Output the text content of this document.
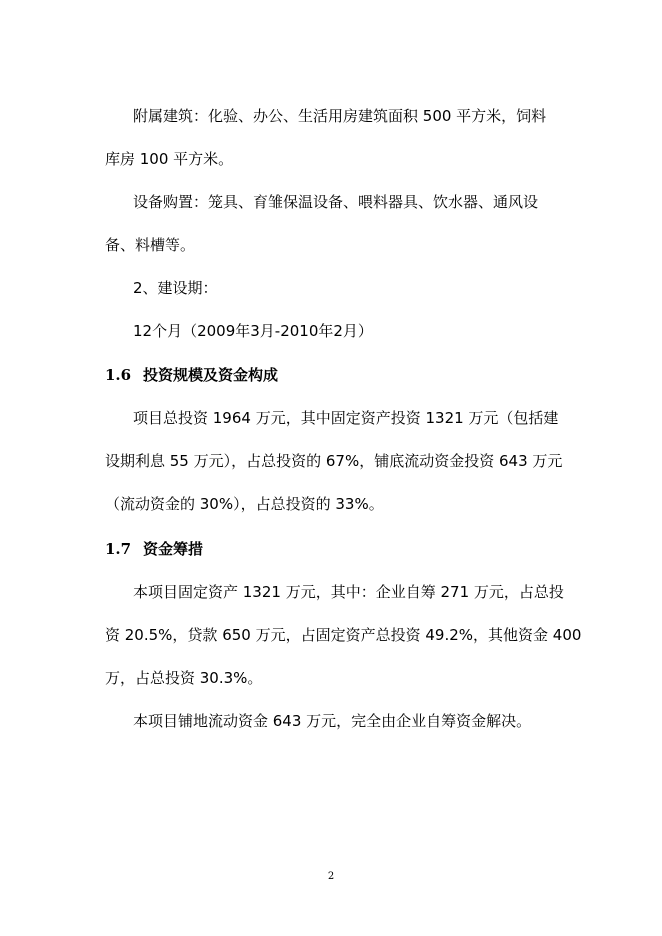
附属建筑：化验、办公、生活用房建筑面积 500 平方米，饲料
库房 100 平方米。
设备购置：笼具、育雏保温设备、喂料器具、饮水器、通风设
备、料槽等。
2、建设期：
12个月（2009年3月-2010年2月）
1.6 投资规模及资金构成
项目总投资 1964 万元，其中固定资产投资 1321 万元（包括建
设期利息 55 万元），占总投资的 67%，铺底流动资金投资 643 万元
（流动资金的 30%），占总投资的 33%。
1.7 资金筹措
本项目固定资产 1321 万元，其中：企业自筹 271 万元，占总投
资 20.5%，贷款 650 万元，占固定资产总投资 49.2%，其他资金 400
万，占总投资 30.3%。
本项目铺地流动资金 643 万元，完全由企业自筹资金解决。
2
